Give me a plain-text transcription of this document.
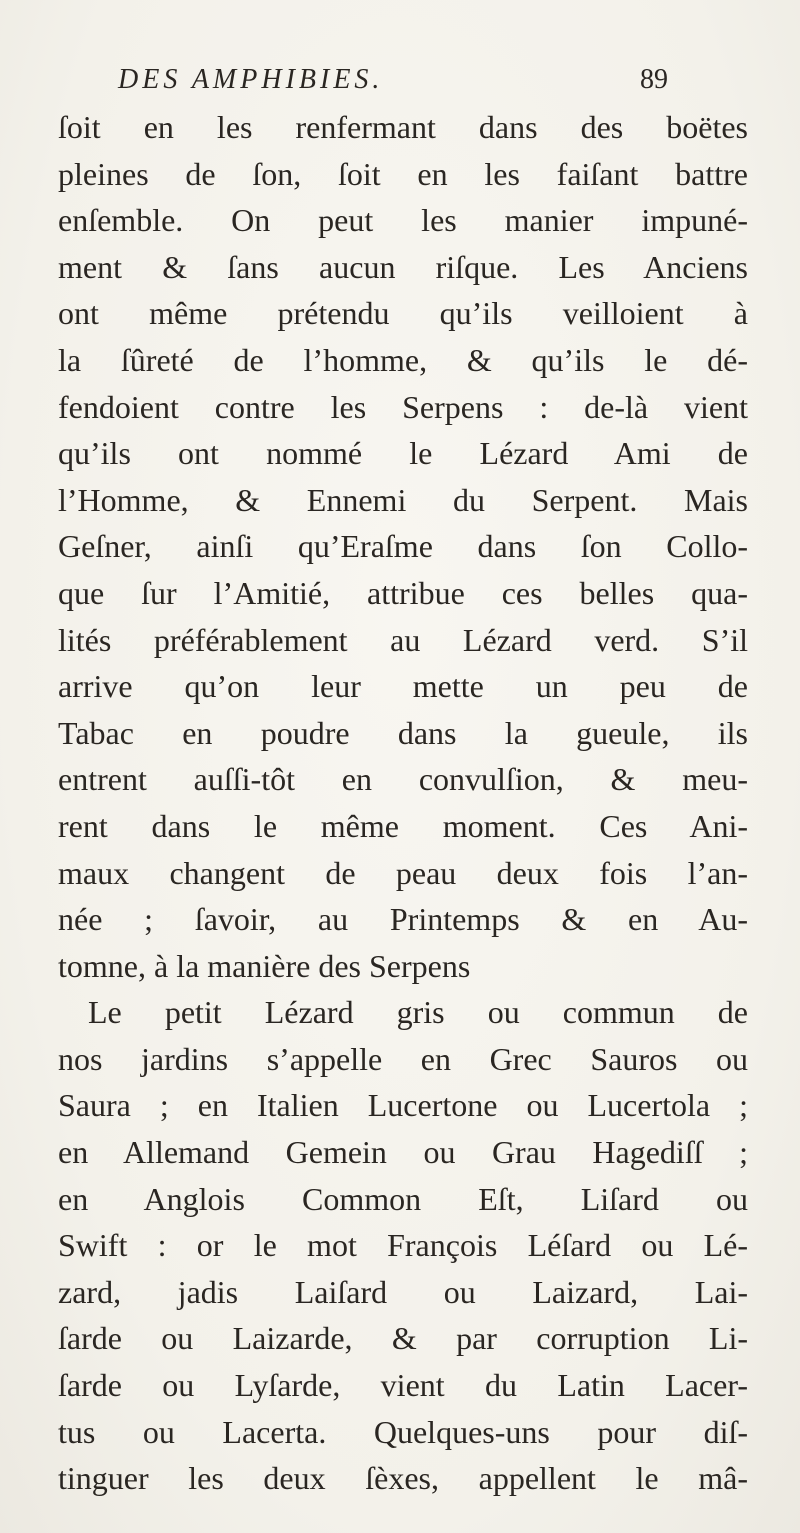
DES AMPHIBIES.	89
ſoit en les renfermant dans des boëtes
pleines de ſon, ſoit en les faiſant battre
enſemble. On peut les manier impuné-
ment & ſans aucun riſque. Les Anciens
ont même prétendu qu’ils veilloient à
la ſûreté de l’homme, & qu’ils le dé-
fendoient contre les Serpens : de-là vient
qu’ils ont nommé le Lézard Ami de
l’Homme, & Ennemi du Serpent. Mais
Geſner, ainſi qu’Eraſme dans ſon Collo-
que ſur l’Amitié, attribue ces belles qua-
lités préférablement au Lézard verd. S’il
arrive qu’on leur mette un peu de
Tabac en poudre dans la gueule, ils
entrent auſſi-tôt en convulſion, & meu-
rent dans le même moment. Ces Ani-
maux changent de peau deux fois l’an-
née ; ſavoir, au Printemps & en Au-
tomne, à la manière des Serpens
Le petit Lézard gris ou commun de
nos jardins s’appelle en Grec Sauros ou
Saura ; en Italien Lucertone ou Lucertola ;
en Allemand Gemein ou Grau Hagediſſ ;
en Anglois Common Eſt, Liſard ou
Swift : or le mot François Léſard ou Lé-
zard, jadis Laiſard ou Laizard, Lai-
ſarde ou Laizarde, & par corruption Li-
ſarde ou Lyſarde, vient du Latin Lacer-
tus ou Lacerta. Quelques-uns pour diſ-
tinguer les deux ſèxes, appellent le mâ-
